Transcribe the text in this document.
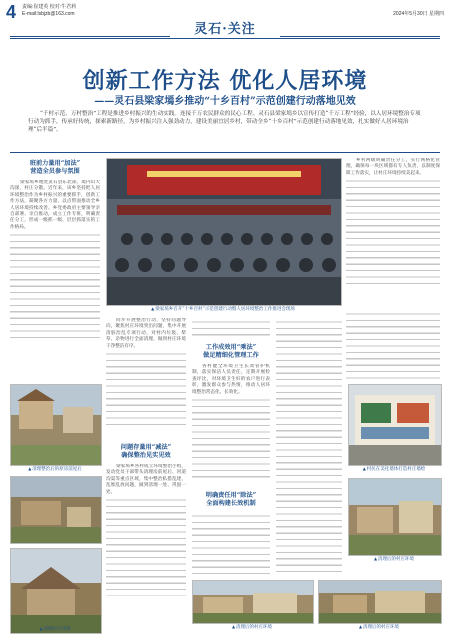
4 责编:崔建英 校对:牛君莉
E-mail:lsbjzb@163.com	2024年5月30日 星期四
灵石·关注
创新工作方法 优化人居环境
——灵石县梁家墕乡推动“十乡百村”示范创建行动落地见效
“千村示范、万村整治”工程是推进乡村振兴的生动实践。连接千万农民群众的民心工程。灵石县梁家墕乡以宣传打造“千万工程”经验，以人居环境整治专项行动为抓手，传承好传统，探索新路径，为乡村振兴注入强劲动力，建设美丽宜居乡村，带动全乡“十乡百村”示范创建行动落地见效，扎实做好人居环境治理“后半篇”。
班前力量用“加法”
营造全员参与氛围

梁家墕乡地处灵石县东北部，境内山大沟深，村庄分散。近年来，该乡坚持把人居环境整治作为乡村振兴的重要抓手，创新工作方法，凝聚各方力量，以点带面推动全乡人居环境持续改善。乡党委政府主要领导亲自部署、亲自推动，成立工作专班，明确责任分工，形成一级抓一级、层层抓落实的工作格局。

▲ 清理整治后的原房前屋后
▲ 清理村庄环境
▲ 梁家墕乡召开“十乡百村”示范创建行动暨人居环境整治工作推进会现场

同步开展整治行动，坚持问题导向，聚焦村庄环境突出问题，集中开展清脏治乱专项行动，对村内垃圾、柴草、杂物进行全面清理，做到村庄环境干净整洁有序。

问题存量用“减法”
确保整治见实见效

梁家墕乡各村成立环境整治小组，发动党员干部带头清理房前屋后、河道沟渠等重点区域，集中整治私搭乱建、乱堆乱放问题，做到清理一处、巩固一处。

工作成效用“乘法”
做足精细化管理工作

各村健全环境卫生长效管护机制，落实保洁人员责任，定期开展检查评比，对环境卫生好的农户进行表彰，激发群众参与热情，推动人居环境整治常态化、长效化。

明确责任用“除法”
全面构建长效机制

乡村两级明确责任分工，实行网格化管理，确保每一块区域都有专人负责，以制度保障工作落实，让村庄环境持续美起来。

▲ 村民在美化墙体打造村庄墙绘
▲ 清理后的村庄环境
▲ 清理后的村庄环境
▲	清理后的村庄环境
